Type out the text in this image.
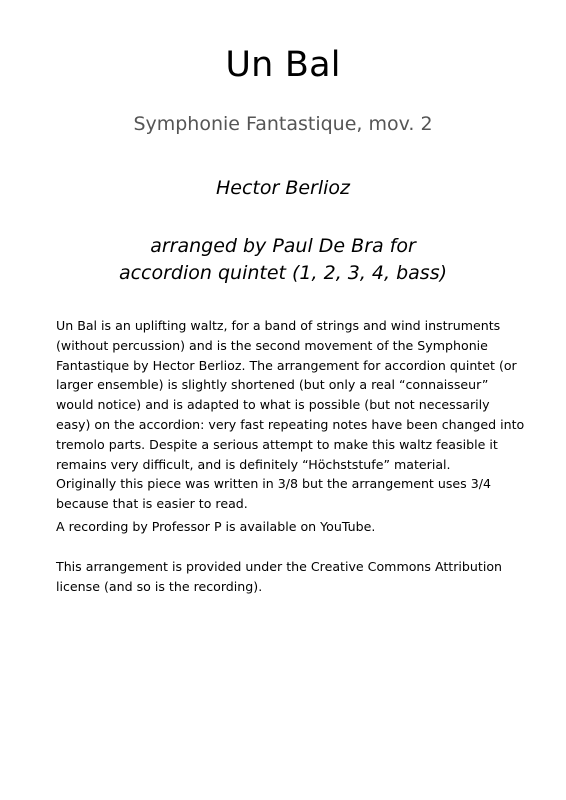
Un Bal
Symphonie Fantastique, mov. 2
Hector Berlioz
arranged by Paul De Bra for
accordion quintet (1, 2, 3, 4, bass)
Un Bal is an uplifting waltz, for a band of strings and wind instruments
(without percussion) and is the second movement of the Symphonie
Fantastique by Hector Berlioz. The arrangement for accordion quintet (or
larger ensemble) is slightly shortened (but only a real “connaisseur”
would notice) and is adapted to what is possible (but not necessarily
easy) on the accordion: very fast repeating notes have been changed into
tremolo parts. Despite a serious attempt to make this waltz feasible it
remains very difficult, and is definitely “Höchststufe” material.
Originally this piece was written in 3/8 but the arrangement uses 3/4
because that is easier to read.
A recording by Professor P is available on YouTube.
This arrangement is provided under the Creative Commons Attribution
license (and so is the recording).
